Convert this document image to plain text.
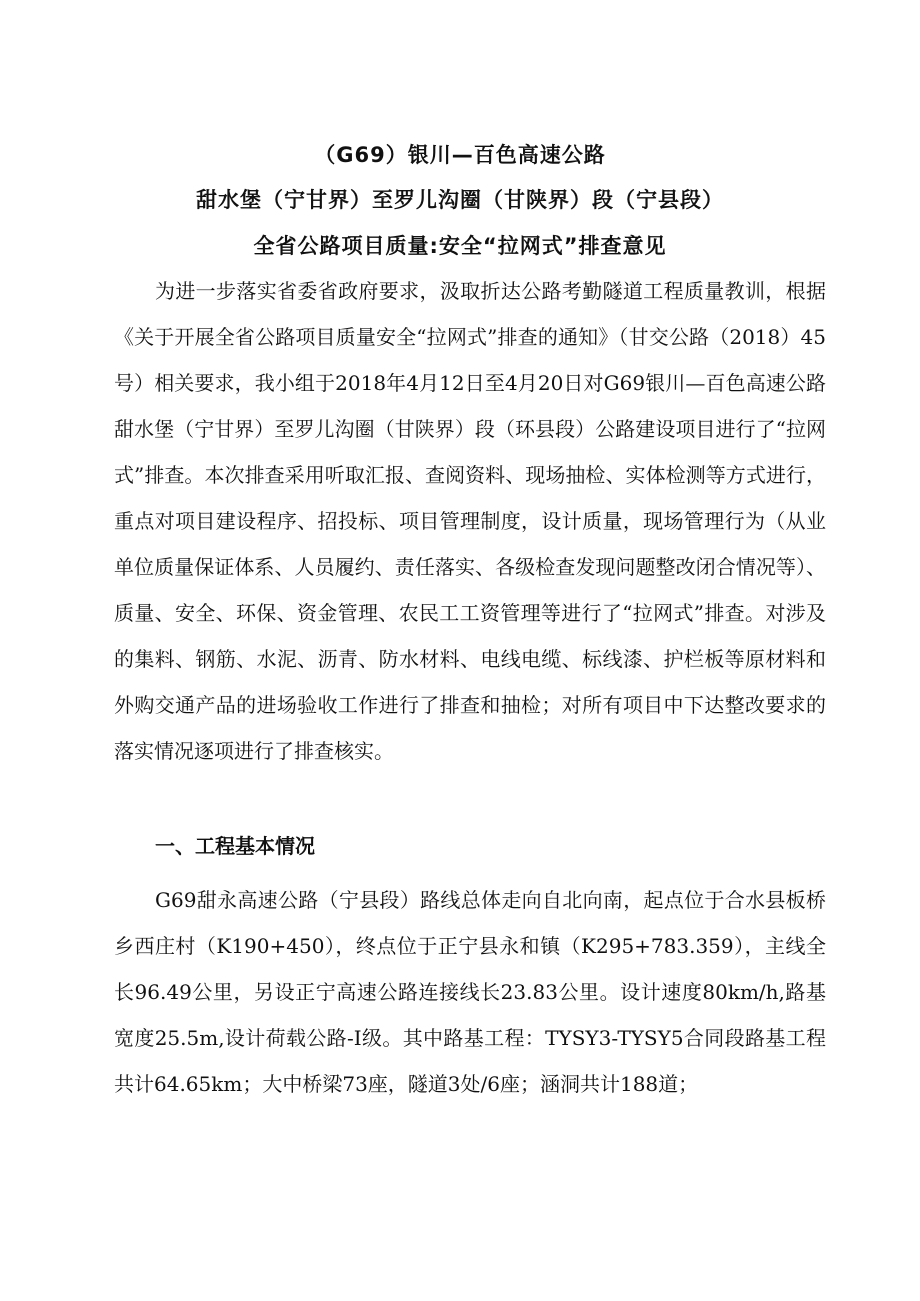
（G69）银川—百色高速公路
甜水堡（宁甘界）至罗儿沟圈（甘陕界）段（宁县段）
全省公路项目质量:安全“拉网式”排查意见

为进一步落实省委省政府要求，汲取折达公路考勤隧道工程质量教训，根据《关于开展全省公路项目质量安全“拉网式”排查的通知》（甘交公路（2018）45号）相关要求，我小组于2018年4月12日至4月20日对G69银川—百色高速公路甜水堡（宁甘界）至罗儿沟圈（甘陕界）段（环县段）公路建设项目进行了“拉网式”排查。本次排查采用听取汇报、查阅资料、现场抽检、实体检测等方式进行，重点对项目建设程序、招投标、项目管理制度，设计质量，现场管理行为（从业单位质量保证体系、人员履约、责任落实、各级检查发现问题整改闭合情况等）、质量、安全、环保、资金管理、农民工工资管理等进行了“拉网式”排查。对涉及的集料、钢筋、水泥、沥青、防水材料、电线电缆、标线漆、护栏板等原材料和外购交通产品的进场验收工作进行了排查和抽检；对所有项目中下达整改要求的落实情况逐项进行了排查核实。

一、工程基本情况

G69甜永高速公路（宁县段）路线总体走向自北向南，起点位于合水县板桥乡西庄村（K190+450），终点位于正宁县永和镇（K295+783.359），主线全长96.49公里，另设正宁高速公路连接线长23.83公里。设计速度80km/h,路基宽度25.5m,设计荷载公路-I级。其中路基工程：TYSY3-TYSY5合同段路基工程共计64.65km；大中桥梁73座，隧道3处/6座；涵洞共计188道；
